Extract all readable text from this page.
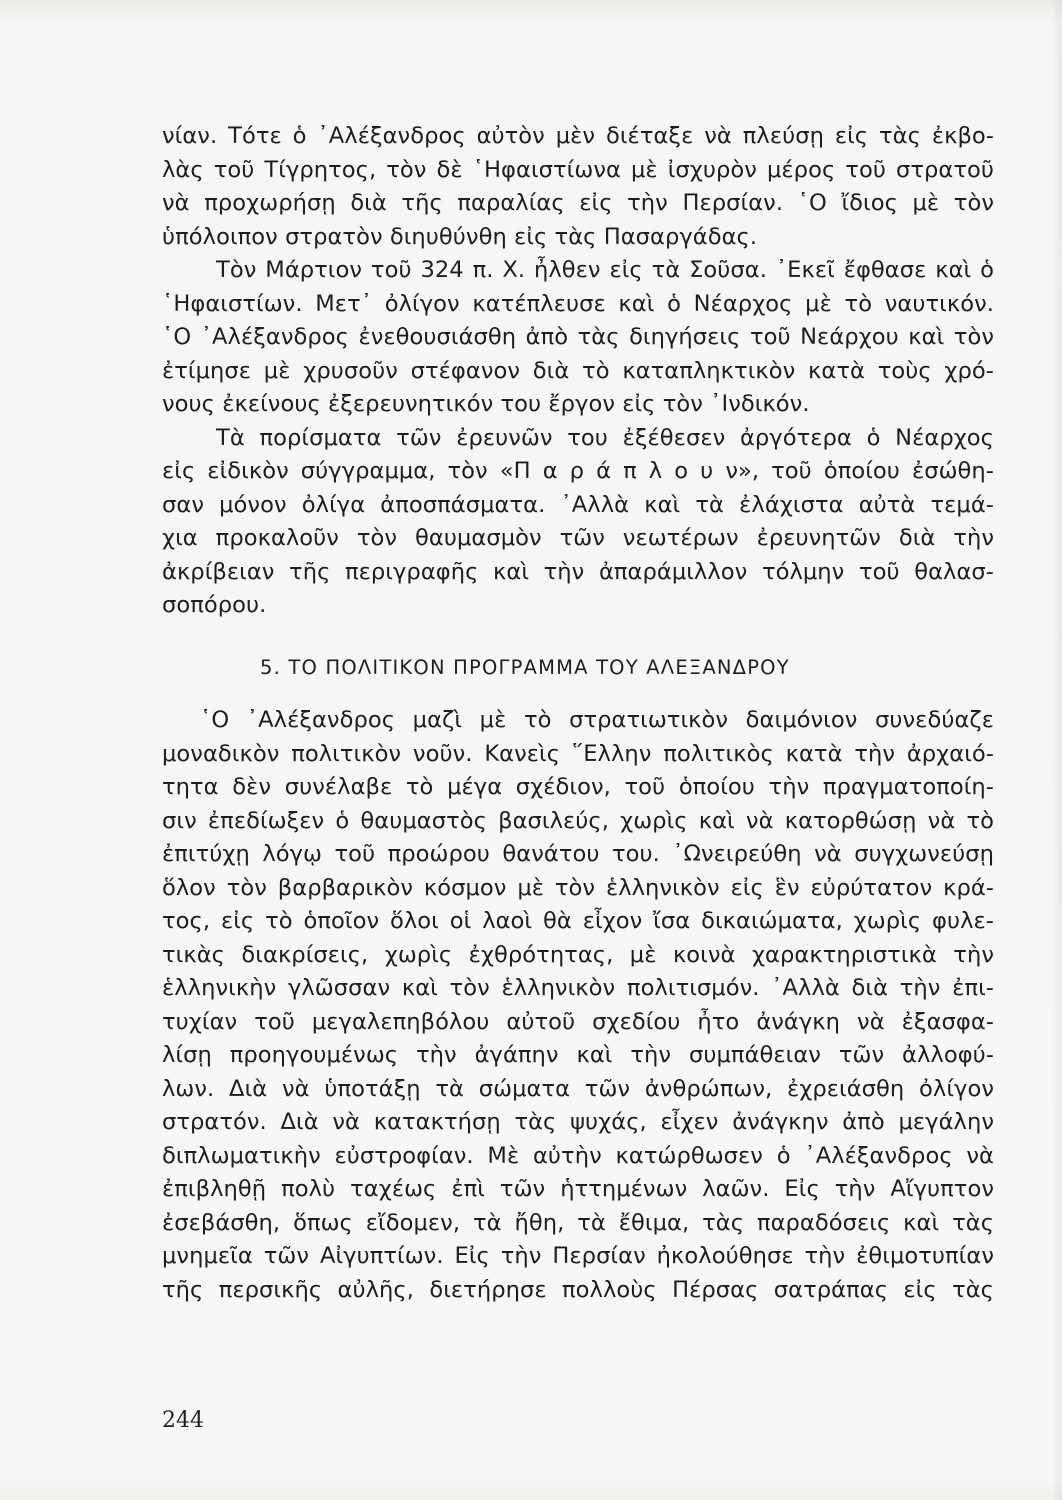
νίαν. Τότε ὁ ᾽Αλέξανδρος αὐτὸν μὲν διέταξε νὰ πλεύσῃ εἰς τὰς ἐκβο-
λὰς τοῦ Τίγρητος, τὸν δὲ ῾Ηφαιστίωνα μὲ ἰσχυρὸν μέρος τοῦ στρατοῦ
νὰ προχωρήσῃ διὰ τῆς παραλίας εἰς τὴν Περσίαν. ῾Ο ἴδιος μὲ τὸν
ὑπόλοιπον στρατὸν διηυθύνθη εἰς τὰς Πασαργάδας.
Τὸν Μάρτιον τοῦ 324 π. Χ. ἦλθεν εἰς τὰ Σοῦσα. ᾽Εκεῖ ἔφθασε καὶ ὁ
῾Ηφαιστίων. Μετ᾽ ὀλίγον κατέπλευσε καὶ ὁ Νέαρχος μὲ τὸ ναυτικόν.
῾Ο ᾽Αλέξανδρος ἐνεθουσιάσθη ἀπὸ τὰς διηγήσεις τοῦ Νεάρχου καὶ τὸν
ἐτίμησε μὲ χρυσοῦν στέφανον διὰ τὸ καταπληκτικὸν κατὰ τοὺς χρό-
νους ἐκείνους ἐξερευνητικόν του ἔργον εἰς τὸν ᾽Ινδικόν.
Τὰ πορίσματα τῶν ἐρευνῶν του ἐξέθεσεν ἀργότερα ὁ Νέαρχος
εἰς εἰδικὸν σύγγραμμα, τὸν «Π α ρ ά π λ ο υ ν», τοῦ ὁποίου ἐσώθη-
σαν μόνον ὀλίγα ἀποσπάσματα. ᾽Αλλὰ καὶ τὰ ἐλάχιστα αὐτὰ τεμά-
χια προκαλοῦν τὸν θαυμασμὸν τῶν νεωτέρων ἐρευνητῶν διὰ τὴν
ἀκρίβειαν τῆς περιγραφῆς καὶ τὴν ἀπαράμιλλον τόλμην τοῦ θαλασ-
σοπόρου.
5. ΤΟ ΠΟΛΙΤΙΚΟΝ ΠΡΟΓΡΑΜΜΑ ΤΟΥ ΑΛΕΞΑΝΔΡΟΥ
῾Ο ᾽Αλέξανδρος μαζὶ μὲ τὸ στρατιωτικὸν δαιμόνιον συνεδύαζε
μοναδικὸν πολιτικὸν νοῦν. Κανεὶς ῞Ελλην πολιτικὸς κατὰ τὴν ἀρχαιό-
τητα δὲν συνέλαβε τὸ μέγα σχέδιον, τοῦ ὁποίου τὴν πραγματοποίη-
σιν ἐπεδίωξεν ὁ θαυμαστὸς βασιλεύς, χωρὶς καὶ νὰ κατορθώσῃ νὰ τὸ
ἐπιτύχῃ λόγῳ τοῦ προώρου θανάτου του. ᾽Ωνειρεύθη νὰ συγχωνεύσῃ
ὅλον τὸν βαρβαρικὸν κόσμον μὲ τὸν ἑλληνικὸν εἰς ἓν εὐρύτατον κρά-
τος, εἰς τὸ ὁποῖον ὅλοι οἱ λαοὶ θὰ εἶχον ἴσα δικαιώματα, χωρὶς φυλε-
τικὰς διακρίσεις, χωρὶς ἐχθρότητας, μὲ κοινὰ χαρακτηριστικὰ τὴν
ἑλληνικὴν γλῶσσαν καὶ τὸν ἑλληνικὸν πολιτισμόν. ᾽Αλλὰ διὰ τὴν ἐπι-
τυχίαν τοῦ μεγαλεπηβόλου αὐτοῦ σχεδίου ἦτο ἀνάγκη νὰ ἐξασφα-
λίσῃ προηγουμένως τὴν ἀγάπην καὶ τὴν συμπάθειαν τῶν ἀλλοφύ-
λων. Διὰ νὰ ὑποτάξῃ τὰ σώματα τῶν ἀνθρώπων, ἐχρειάσθη ὀλίγον
στρατόν. Διὰ νὰ κατακτήσῃ τὰς ψυχάς, εἶχεν ἀνάγκην ἀπὸ μεγάλην
διπλωματικὴν εὐστροφίαν. Μὲ αὐτὴν κατώρθωσεν ὁ ᾽Αλέξανδρος νὰ
ἐπιβληθῇ πολὺ ταχέως ἐπὶ τῶν ἡττημένων λαῶν. Εἰς τὴν Αἴγυπτον
ἐσεβάσθη, ὅπως εἴδομεν, τὰ ἤθη, τὰ ἔθιμα, τὰς παραδόσεις καὶ τὰς
μνημεῖα τῶν Αἰγυπτίων. Εἰς τὴν Περσίαν ἠκολούθησε τὴν ἐθιμοτυπίαν
τῆς περσικῆς αὐλῆς, διετήρησε πολλοὺς Πέρσας σατράπας εἰς τὰς
244
